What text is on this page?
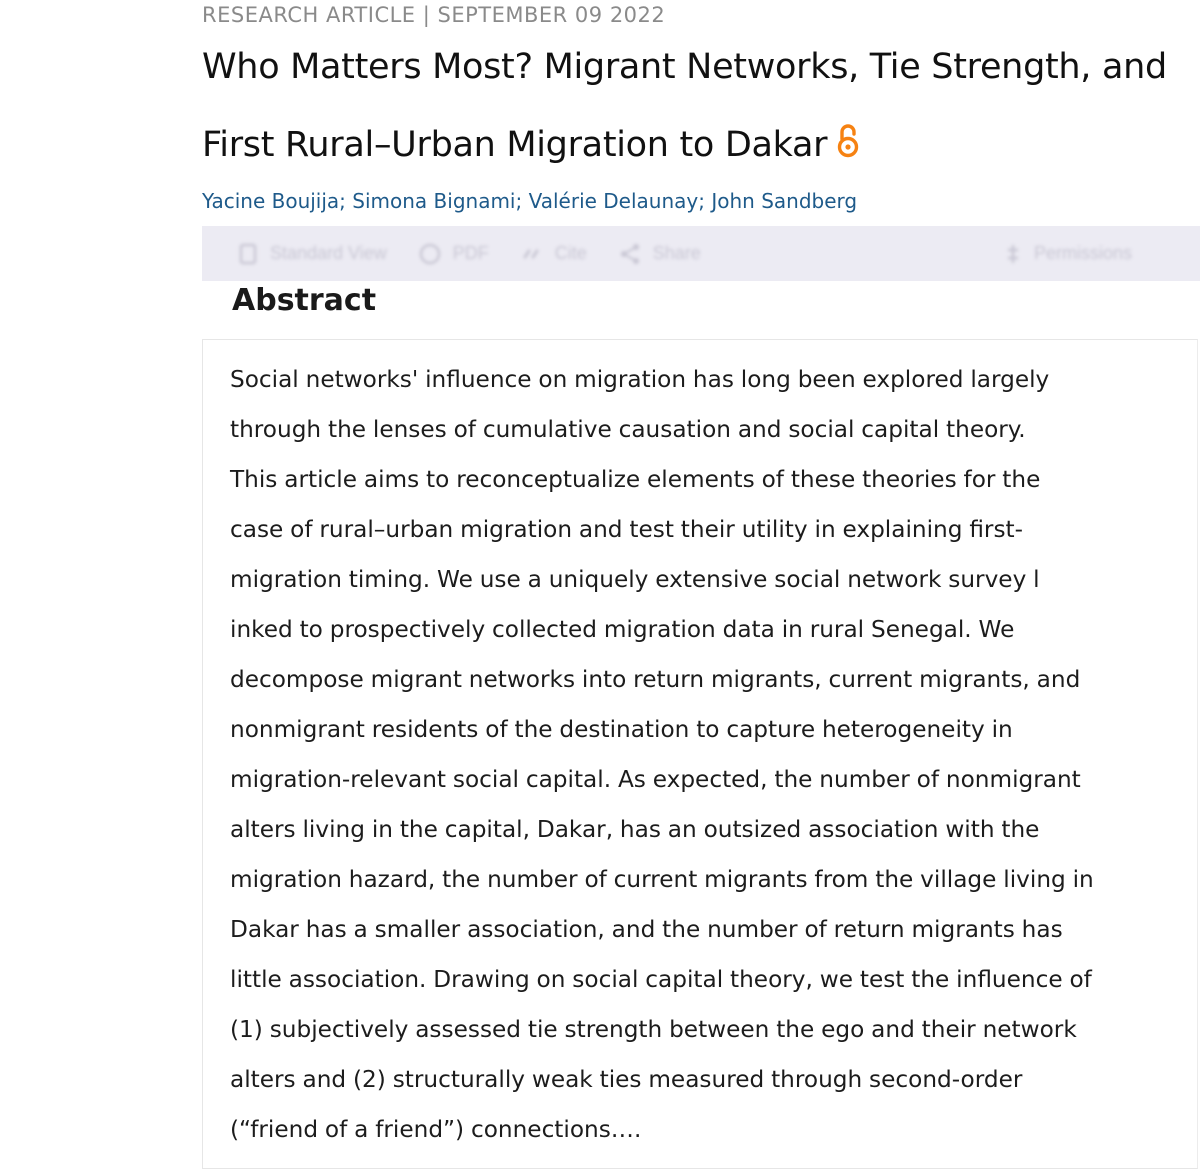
RESEARCH ARTICLE | SEPTEMBER 09 2022
Who Matters Most? Migrant Networks, Tie Strength, and
First Rural–Urban Migration to Dakar
Yacine Boujija; Simona Bignami; Valérie Delaunay; John Sandberg
Standard View	PDF	Cite	Share	Permissions
Abstract

Social networks' influence on migration has long been explored largely
through the lenses of cumulative causation and social capital theory.
This article aims to reconceptualize elements of these theories for the
case of rural–urban migration and test their utility in explaining first-
migration timing. We use a uniquely extensive social network survey l
inked to prospectively collected migration data in rural Senegal. We
decompose migrant networks into return migrants, current migrants, and
nonmigrant residents of the destination to capture heterogeneity in
migration-relevant social capital. As expected, the number of nonmigrant
alters living in the capital, Dakar, has an outsized association with the
migration hazard, the number of current migrants from the village living in
Dakar has a smaller association, and the number of return migrants has
little association. Drawing on social capital theory, we test the influence of
(1) subjectively assessed tie strength between the ego and their network
alters and (2) structurally weak ties measured through second-order
(“friend of a friend”) connections….
